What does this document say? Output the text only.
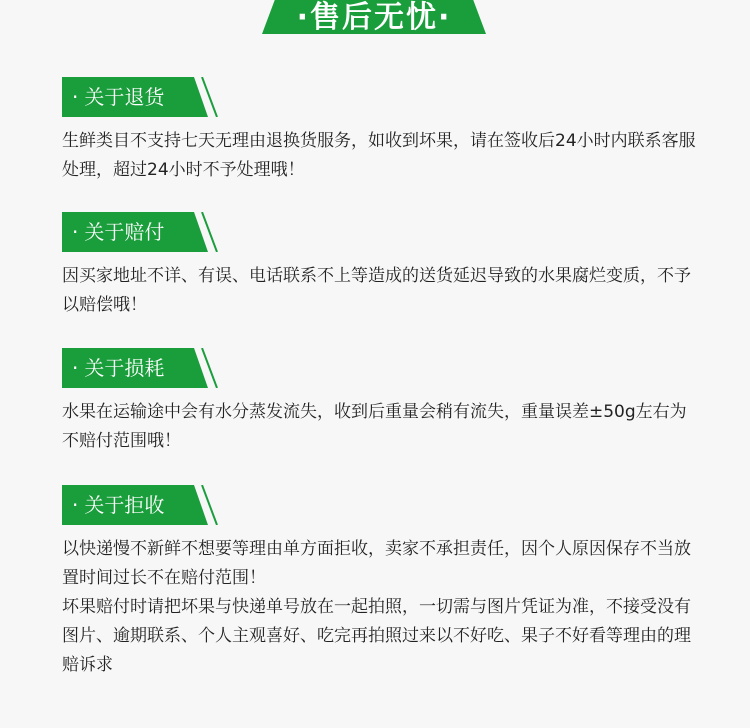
·售后无忧·
· 关于退货

生鲜类目不支持七天无理由退换货服务，如收到坏果，请在签收后24小时内联系客服处理，超过24小时不予处理哦！

· 关于赔付

因买家地址不详、有误、电话联系不上等造成的送货延迟导致的水果腐烂变质，不予以赔偿哦！

· 关于损耗

水果在运输途中会有水分蒸发流失，收到后重量会稍有流失，重量误差±50g左右为不赔付范围哦！

· 关于拒收

以快递慢不新鲜不想要等理由单方面拒收，卖家不承担责任，因个人原因保存不当放置时间过长不在赔付范围！

坏果赔付时请把坏果与快递单号放在一起拍照，一切需与图片凭证为准，不接受没有图片、逾期联系、个人主观喜好、吃完再拍照过来以不好吃、果子不好看等理由的理赔诉求
